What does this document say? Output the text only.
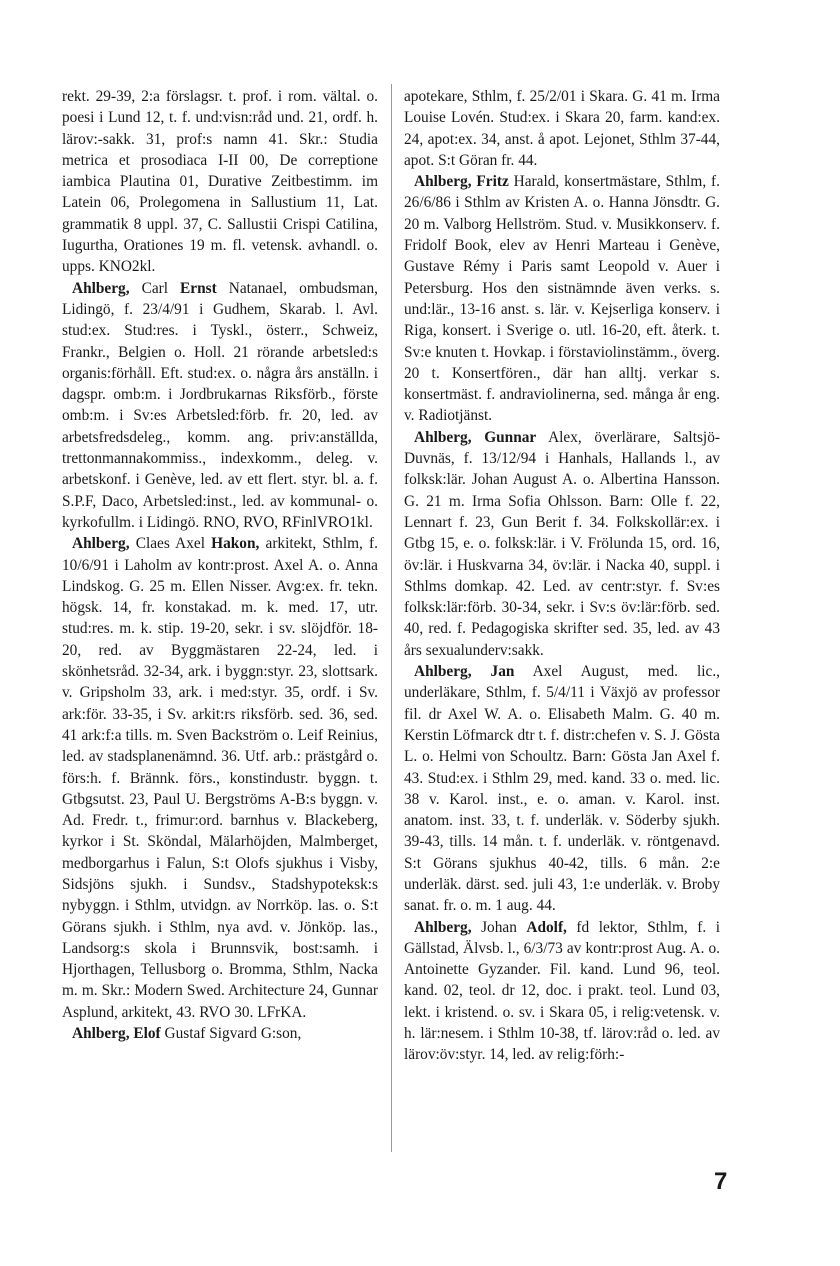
rekt. 29-39, 2:a förslagsr. t. prof. i rom. vältal. o. poesi i Lund 12, t. f. und:visn:råd und. 21, ordf. h. lärov:-sakk. 31, prof:s namn 41. Skr.: Studia metrica et prosodiaca I-II 00, De correptione iambica Plautina 01, Durative Zeitbestimm. im Latein 06, Prolegomena in Sallustium 11, Lat. grammatik 8 uppl. 37, C. Sallustii Crispi Catilina, Iugurtha, Orationes 19 m. fl. vetensk. avhandl. o. upps. KNO2kl.

Ahlberg, Carl Ernst Natanael, ombudsman, Lidingö, f. 23/4/91 i Gudhem, Skarab. l. Avl. stud:ex. Stud:res. i Tyskl., österr., Schweiz, Frankr., Belgien o. Holl. 21 rörande arbetsled:s organis:förhåll. Eft. stud:ex. o. några års anställn. i dagspr. omb:m. i Jordbrukarnas Riksförb., förste omb:m. i Sv:es Arbetsled:förb. fr. 20, led. av arbetsfredsdeleg., komm. ang. priv:anställda, trettonmannakommiss., indexkomm., deleg. v. arbetskonf. i Genève, led. av ett flert. styr. bl. a. f. S.P.F, Daco, Arbetsled:inst., led. av kommunal- o. kyrkofullm. i Lidingö. RNO, RVO, RFinlVRO1kl.

Ahlberg, Claes Axel Hakon, arkitekt, Sthlm, f. 10/6/91 i Laholm av kontr:prost. Axel A. o. Anna Lindskog. G. 25 m. Ellen Nisser. Avg:ex. fr. tekn. högsk. 14, fr. konstakad. m. k. med. 17, utr. stud:res. m. k. stip. 19-20, sekr. i sv. slöjdför. 18-20, red. av Byggmästaren 22-24, led. i skönhetsråd. 32-34, ark. i byggn:styr. 23, slottsark. v. Gripsholm 33, ark. i med:styr. 35, ordf. i Sv. ark:för. 33-35, i Sv. arkit:rs riksförb. sed. 36, sed. 41 ark:f:a tills. m. Sven Backström o. Leif Reinius, led. av stadsplanenämnd. 36. Utf. arb.: prästgård o. förs:h. f. Brännk. förs., konstindustr. byggn. t. Gtbgsutst. 23, Paul U. Bergströms A-B:s byggn. v. Ad. Fredr. t., frimur:ord. barnhus v. Blackeberg, kyrkor i St. Sköndal, Mälarhöjden, Malmberget, medborgarhus i Falun, S:t Olofs sjukhus i Visby, Sidsjöns sjukh. i Sundsv., Stadshypoteksk:s nybyggn. i Sthlm, utvidgn. av Norrköp. las. o. S:t Görans sjukh. i Sthlm, nya avd. v. Jönköp. las., Landsorg:s skola i Brunnsvik, bost:samh. i Hjorthagen, Tellusborg o. Bromma, Sthlm, Nacka m. m. Skr.: Modern Swed. Architecture 24, Gunnar Asplund, arkitekt, 43. RVO 30. LFrKA.

Ahlberg, Elof Gustaf Sigvard G:son,

apotekare, Sthlm, f. 25/2/01 i Skara. G. 41 m. Irma Louise Lovén. Stud:ex. i Skara 20, farm. kand:ex. 24, apot:ex. 34, anst. å apot. Lejonet, Sthlm 37-44, apot. S:t Göran fr. 44.

Ahlberg, Fritz Harald, konsertmästare, Sthlm, f. 26/6/86 i Sthlm av Kristen A. o. Hanna Jönsdtr. G. 20 m. Valborg Hellström. Stud. v. Musikkonserv. f. Fridolf Book, elev av Henri Marteau i Genève, Gustave Rémy i Paris samt Leopold v. Auer i Petersburg. Hos den sistnämnde även verks. s. und:lär., 13-16 anst. s. lär. v. Kejserliga konserv. i Riga, konsert. i Sverige o. utl. 16-20, eft. återk. t. Sv:e knuten t. Hovkap. i förstaviolinstämm., överg. 20 t. Konsertfören., där han alltj. verkar s. konsertmäst. f. andraviolinerna, sed. många år eng. v. Radiotjänst.

Ahlberg, Gunnar Alex, överlärare, Saltsjö-Duvnäs, f. 13/12/94 i Hanhals, Hallands l., av folksk:lär. Johan August A. o. Albertina Hansson. G. 21 m. Irma Sofia Ohlsson. Barn: Olle f. 22, Lennart f. 23, Gun Berit f. 34. Folkskollär:ex. i Gtbg 15, e. o. folksk:lär. i V. Frölunda 15, ord. 16, öv:lär. i Huskvarna 34, öv:lär. i Nacka 40, suppl. i Sthlms domkap. 42. Led. av centr:styr. f. Sv:es folksk:lär:förb. 30-34, sekr. i Sv:s öv:lär:förb. sed. 40, red. f. Pedagogiska skrifter sed. 35, led. av 43 års sexualunderv:sakk.

Ahlberg, Jan Axel August, med. lic., underläkare, Sthlm, f. 5/4/11 i Växjö av professor fil. dr Axel W. A. o. Elisabeth Malm. G. 40 m. Kerstin Löfmarck dtr t. f. distr:chefen v. S. J. Gösta L. o. Helmi von Schoultz. Barn: Gösta Jan Axel f. 43. Stud:ex. i Sthlm 29, med. kand. 33 o. med. lic. 38 v. Karol. inst., e. o. aman. v. Karol. inst. anatom. inst. 33, t. f. underläk. v. Söderby sjukh. 39-43, tills. 14 mån. t. f. underläk. v. röntgenavd. S:t Görans sjukhus 40-42, tills. 6 mån. 2:e underläk. därst. sed. juli 43, 1:e underläk. v. Broby sanat. fr. o. m. 1 aug. 44.

Ahlberg, Johan Adolf, fd lektor, Sthlm, f. i Gällstad, Älvsb. l., 6/3/73 av kontr:prost Aug. A. o. Antoinette Gyzander. Fil. kand. Lund 96, teol. kand. 02, teol. dr 12, doc. i prakt. teol. Lund 03, lekt. i kristend. o. sv. i Skara 05, i relig:vetensk. v. h. lär:nesem. i Sthlm 10-38, tf. lärov:råd o. led. av lärov:öv:styr. 14, led. av relig:förh:-

7
